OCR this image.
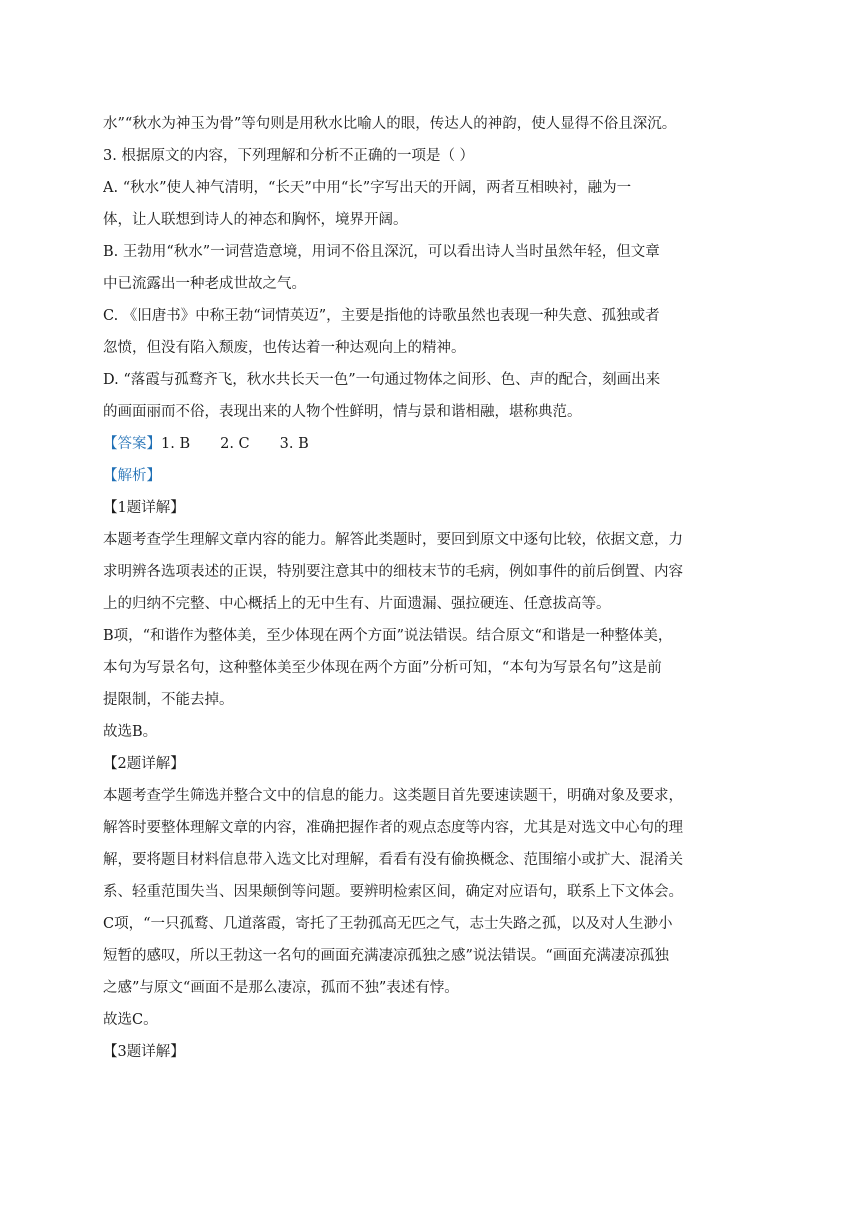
水”“秋水为神玉为骨”等句则是用秋水比喻人的眼，传达人的神韵，使人显得不俗且深沉。
3. 根据原文的内容，下列理解和分析不正确的一项是（ ）
A. “秋水”使人神气清明，“长天”中用“长”字写出天的开阔，两者互相映衬，融为一
体，让人联想到诗人的神态和胸怀，境界开阔。
B. 王勃用“秋水”一词营造意境，用词不俗且深沉，可以看出诗人当时虽然年轻，但文章
中已流露出一种老成世故之气。
C. 《旧唐书》中称王勃“词情英迈”，主要是指他的诗歌虽然也表现一种失意、孤独或者
忽愤，但没有陷入颓废，也传达着一种达观向上的精神。
D. “落霞与孤鹜齐飞，秋水共长天一色”一句通过物体之间形、色、声的配合，刻画出来
的画面丽而不俗，表现出来的人物个性鲜明，情与景和谐相融，堪称典范。
【答案】1. B 2. C 3. B
【解析】
【1题详解】
本题考查学生理解文章内容的能力。解答此类题时，要回到原文中逐句比较，依据文意，力
求明辨各选项表述的正误，特别要注意其中的细枝末节的毛病，例如事件的前后倒置、内容
上的归纳不完整、中心概括上的无中生有、片面遗漏、强拉硬连、任意拔高等。
B项，“和谐作为整体美，至少体现在两个方面”说法错误。结合原文“和谐是一种整体美，
本句为写景名句，这种整体美至少体现在两个方面”分析可知，“本句为写景名句”这是前
提限制，不能去掉。
故选B。
【2题详解】
本题考查学生筛选并整合文中的信息的能力。这类题目首先要速读题干，明确对象及要求，
解答时要整体理解文章的内容，准确把握作者的观点态度等内容，尤其是对选文中心句的理
解，要将题目材料信息带入选文比对理解，看看有没有偷换概念、范围缩小或扩大、混淆关
系、轻重范围失当、因果颠倒等问题。要辨明检索区间，确定对应语句，联系上下文体会。
C项，“一只孤鹜、几道落霞，寄托了王勃孤高无匹之气，志士失路之孤，以及对人生渺小
短暂的感叹，所以王勃这一名句的画面充满凄凉孤独之感”说法错误。“画面充满凄凉孤独
之感”与原文“画面不是那么凄凉，孤而不独”表述有悖。
故选C。
【3题详解】
